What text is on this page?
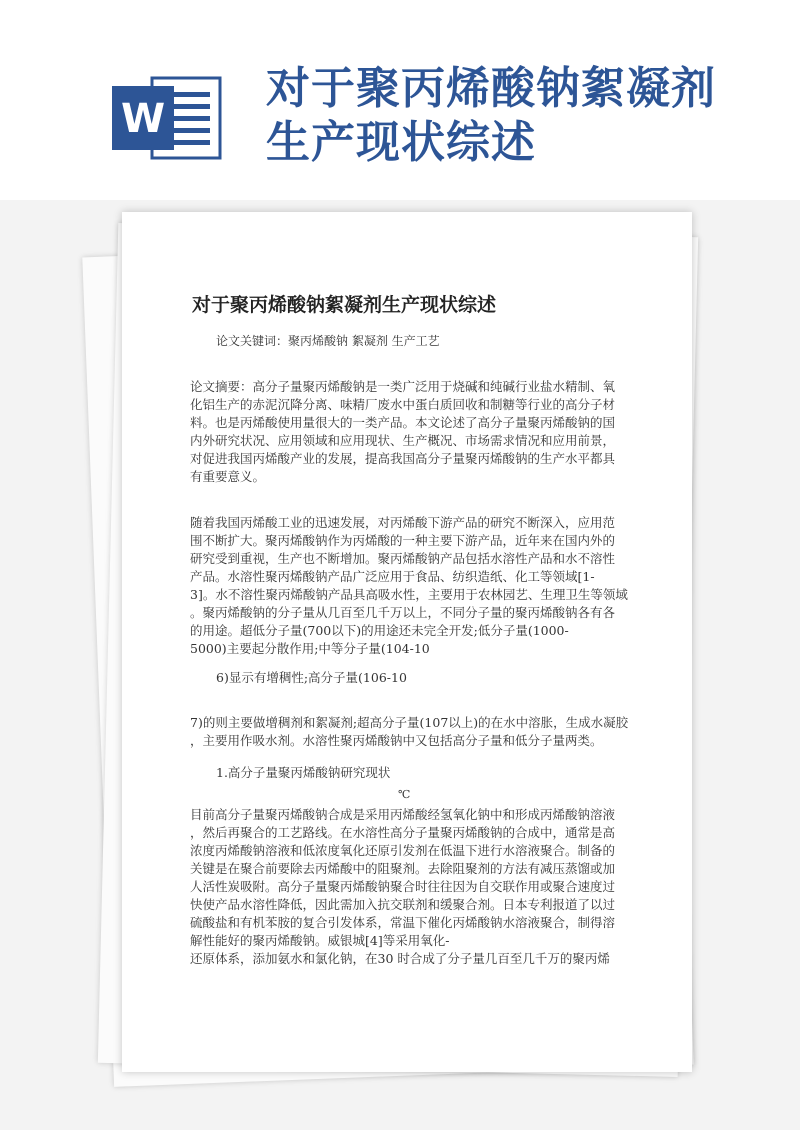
W
对于聚丙烯酸钠絮凝剂
生产现状综述
对于聚丙烯酸钠絮凝剂生产现状综述
论文关键词：聚丙烯酸钠 絮凝剂 生产工艺

论文摘要：高分子量聚丙烯酸钠是一类广泛用于烧碱和纯碱行业盐水精制、氧

化铝生产的赤泥沉降分离、味精厂废水中蛋白质回收和制糖等行业的高分子材

料。也是丙烯酸使用量很大的一类产品。本文论述了高分子量聚丙烯酸钠的国

内外研究状况、应用领域和应用现状、生产概况、市场需求情况和应用前景，

对促进我国丙烯酸产业的发展，提高我国高分子量聚丙烯酸钠的生产水平都具

有重要意义。

随着我国丙烯酸工业的迅速发展，对丙烯酸下游产品的研究不断深入，应用范

围不断扩大。聚丙烯酸钠作为丙烯酸的一种主要下游产品，近年来在国内外的

研究受到重视，生产也不断增加。聚丙烯酸钠产品包括水溶性产品和水不溶性

产品。水溶性聚丙烯酸钠产品广泛应用于食品、纺织造纸、化工等领域[1-

3]。水不溶性聚丙烯酸钠产品具高吸水性，主要用于农林园艺、生理卫生等领域

。聚丙烯酸钠的分子量从几百至几千万以上，不同分子量的聚丙烯酸钠各有各

的用途。超低分子量(700以下)的用途还未完全开发;低分子量(1000-

5000)主要起分散作用;中等分子量(104-10

6)显示有增稠性;高分子量(106-10

7)的则主要做增稠剂和絮凝剂;超高分子量(107以上)的在水中溶胀，生成水凝胶

，主要用作吸水剂。水溶性聚丙烯酸钠中又包括高分子量和低分子量两类。

1.高分子量聚丙烯酸钠研究现状
℃

目前高分子量聚丙烯酸钠合成是采用丙烯酸经氢氧化钠中和形成丙烯酸钠溶液

，然后再聚合的工艺路线。在水溶性高分子量聚丙烯酸钠的合成中，通常是高

浓度丙烯酸钠溶液和低浓度氧化还原引发剂在低温下进行水溶液聚合。制备的

关键是在聚合前要除去丙烯酸中的阻聚剂。去除阻聚剂的方法有减压蒸馏或加

人活性炭吸附。高分子量聚丙烯酸钠聚合时往往因为自交联作用或聚合速度过

快使产品水溶性降低，因此需加入抗交联剂和缓聚合剂。日本专利报道了以过

硫酸盐和有机苯胺的复合引发体系，常温下催化丙烯酸钠水溶液聚合，制得溶

解性能好的聚丙烯酸钠。威银城[4]等采用氧化-

还原体系，添加氨水和氯化钠，在30 时合成了分子量几百至几千万的聚丙烯
